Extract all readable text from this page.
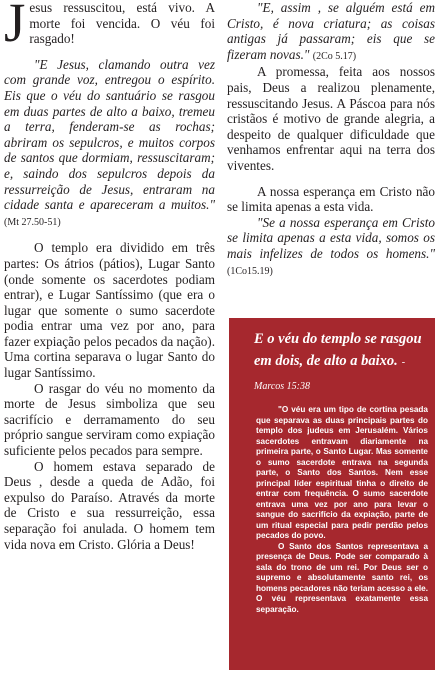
Jesus ressuscitou, está vivo. A morte foi vencida. O véu foi rasgado!

"E Jesus, clamando outra vez com grande voz, entregou o espírito. Eis que o véu do santuário se rasgou em duas partes de alto a baixo, tremeu a terra, fenderam-se as rochas; abriram os sepulcros, e muitos corpos de santos que dormiam, ressuscitaram; e, saindo dos sepulcros depois da ressurreição de Jesus, entraram na cidade santa e apareceram a muitos." (Mt 27.50-51)

O templo era dividido em três partes: Os átrios (pátios), Lugar Santo (onde somente os sacerdotes podiam entrar), e Lugar Santíssimo (que era o lugar que somente o sumo sacerdote podia entrar uma vez por ano, para fazer expiação pelos pecados da nação). Uma cortina separava o lugar Santo do lugar Santíssimo.

O rasgar do véu no momento da morte de Jesus simboliza que seu sacrifício e derramamento do seu próprio sangue serviram como expiação suficiente pelos pecados para sempre.

O homem estava separado de Deus , desde a queda de Adão, foi expulso do Paraíso. Através da morte de Cristo e sua ressurreição, essa separação foi anulada. O homem tem vida nova em Cristo. Glória a Deus!

"E, assim , se alguém está em Cristo, é nova criatura; as coisas antigas já passaram; eis que se fizeram novas." (2Co 5.17)

A promessa, feita aos nossos pais, Deus a realizou plenamente, ressuscitando Jesus. A Páscoa para nós cristãos é motivo de grande alegria, a despeito de qualquer dificuldade que venhamos enfrentar aqui na terra dos viventes.

A nossa esperança em Cristo não se limita apenas a esta vida.

"Se a nossa esperança em Cristo se limita apenas a esta vida, somos os mais infelizes de todos os homens." (1Co15.19)

E o véu do templo se rasgou em dois, de alto a baixo. - Marcos 15:38

"O véu era um tipo de cortina pesada que separava as duas principais partes do templo dos judeus em Jerusalém. Vários sacerdotes entravam diariamente na primeira parte, o Santo Lugar. Mas somente o sumo sacerdote entrava na segunda parte, o Santo dos Santos. Nem esse principal líder espiritual tinha o direito de entrar com frequência. O sumo sacerdote entrava uma vez por ano para levar o sangue do sacrifício da expiação, parte de um ritual especial para pedir perdão pelos pecados do povo.

O Santo dos Santos representava a presença de Deus. Pode ser comparado à sala do trono de um rei. Por Deus ser o supremo e absolutamente santo rei, os homens pecadores não teriam acesso a ele. O véu representava exatamente essa separação.
